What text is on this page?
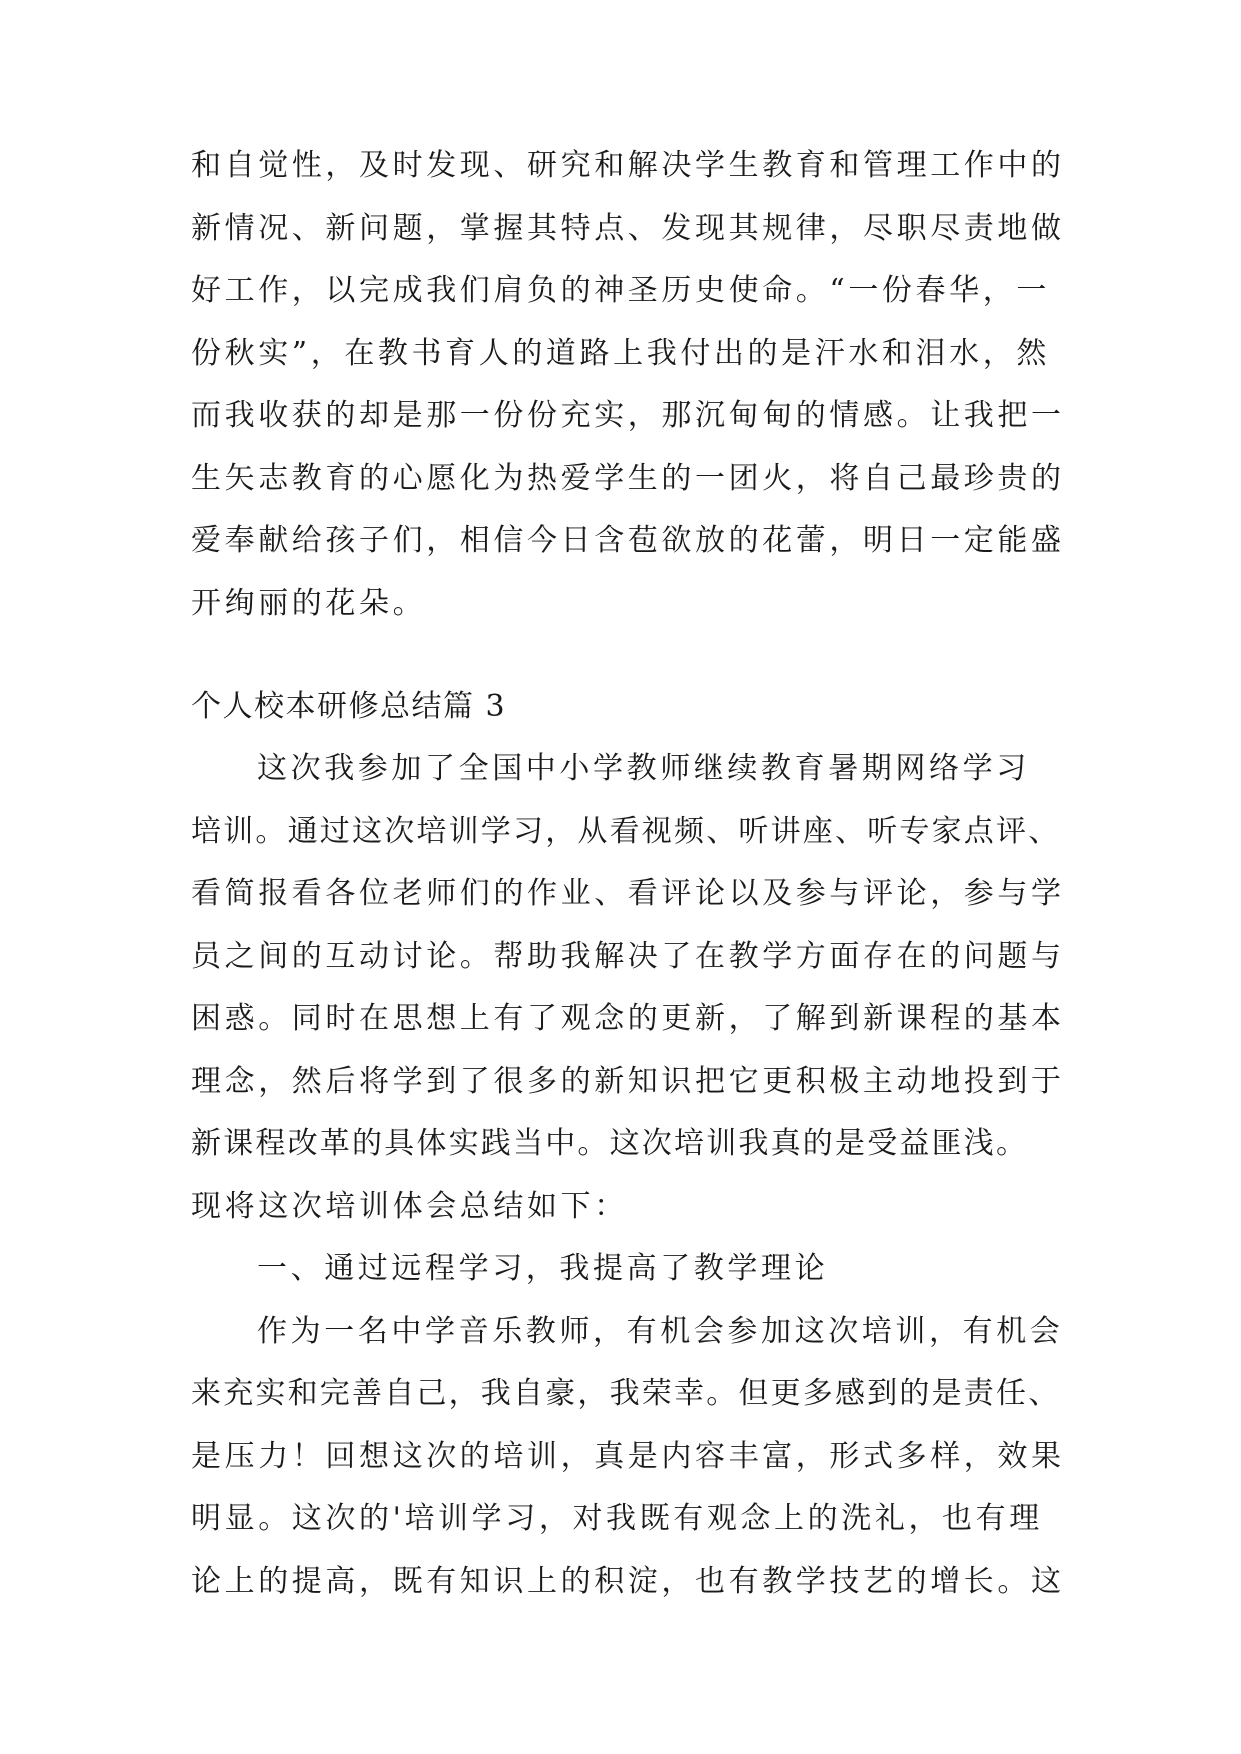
和自觉性，及时发现、研究和解决学生教育和管理工作中的
新情况、新问题，掌握其特点、发现其规律，尽职尽责地做
好工作，以完成我们肩负的神圣历史使命。“一份春华，一
份秋实”，在教书育人的道路上我付出的是汗水和泪水，然
而我收获的却是那一份份充实，那沉甸甸的情感。让我把一
生矢志教育的心愿化为热爱学生的一团火，将自己最珍贵的
爱奉献给孩子们，相信今日含苞欲放的花蕾，明日一定能盛
开绚丽的花朵。
个人校本研修总结篇 3
这次我参加了全国中小学教师继续教育暑期网络学习
培训。通过这次培训学习，从看视频、听讲座、听专家点评、
看简报看各位老师们的作业、看评论以及参与评论，参与学
员之间的互动讨论。帮助我解决了在教学方面存在的问题与
困惑。同时在思想上有了观念的更新，了解到新课程的基本
理念，然后将学到了很多的新知识把它更积极主动地投到于
新课程改革的具体实践当中。这次培训我真的是受益匪浅。
现将这次培训体会总结如下：
一、通过远程学习，我提高了教学理论
作为一名中学音乐教师，有机会参加这次培训，有机会
来充实和完善自己，我自豪，我荣幸。但更多感到的是责任、
是压力！回想这次的培训，真是内容丰富，形式多样，效果
明显。这次的'培训学习，对我既有观念上的洗礼，也有理
论上的提高，既有知识上的积淀，也有教学技艺的增长。这
